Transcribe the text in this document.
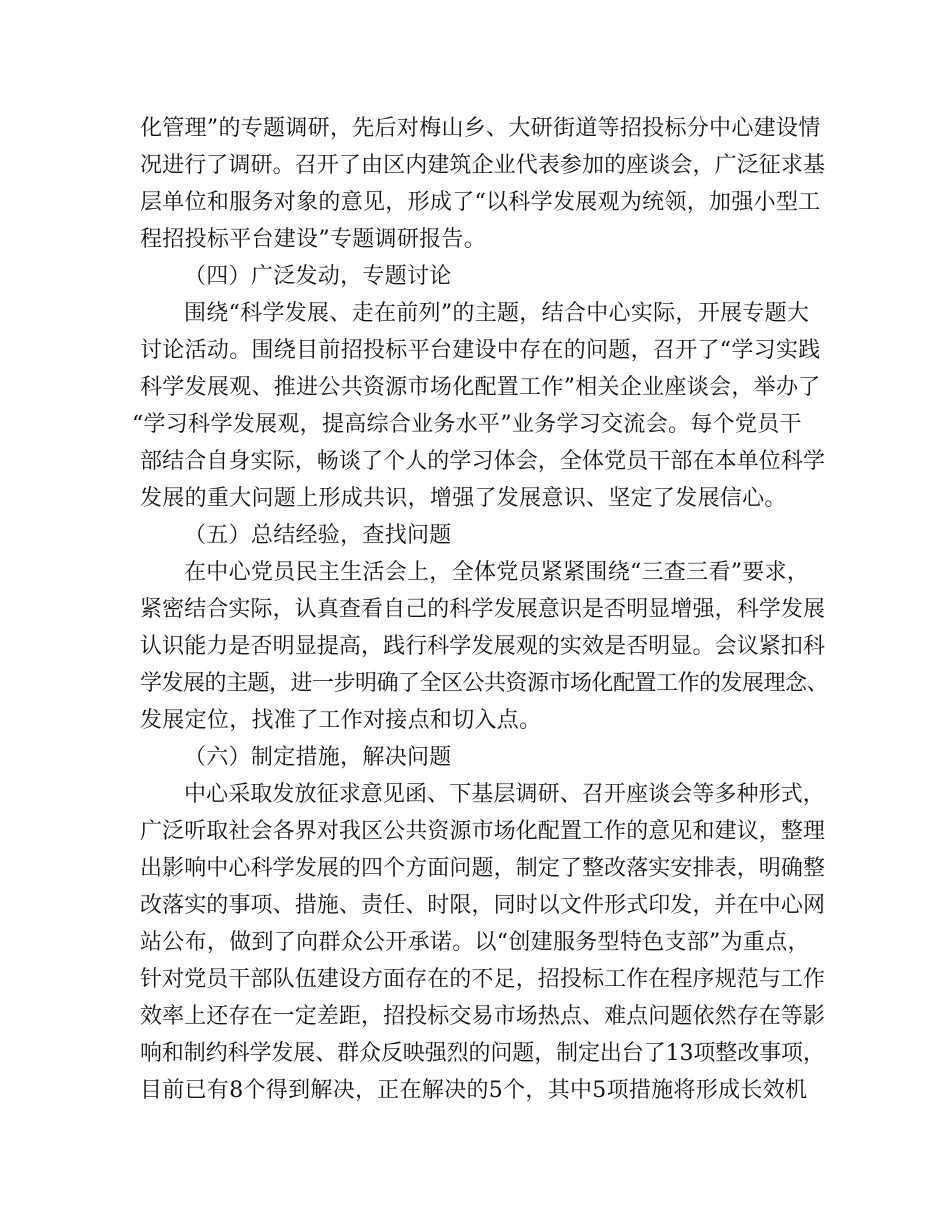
化管理”的专题调研，先后对梅山乡、大研街道等招投标分中心建设情
况进行了调研。召开了由区内建筑企业代表参加的座谈会，广泛征求基
层单位和服务对象的意见，形成了“以科学发展观为统领，加强小型工
程招投标平台建设”专题调研报告。
（四）广泛发动，专题讨论
围绕“科学发展、走在前列”的主题，结合中心实际，开展专题大
讨论活动。围绕目前招投标平台建设中存在的问题，召开了“学习实践
科学发展观、推进公共资源市场化配置工作”相关企业座谈会，举办了
“学习科学发展观，提高综合业务水平”业务学习交流会。每个党员干
部结合自身实际，畅谈了个人的学习体会，全体党员干部在本单位科学
发展的重大问题上形成共识，增强了发展意识、坚定了发展信心。
（五）总结经验，查找问题
在中心党员民主生活会上，全体党员紧紧围绕“三查三看”要求，
紧密结合实际，认真查看自己的科学发展意识是否明显增强，科学发展
认识能力是否明显提高，践行科学发展观的实效是否明显。会议紧扣科
学发展的主题，进一步明确了全区公共资源市场化配置工作的发展理念、
发展定位，找准了工作对接点和切入点。
（六）制定措施，解决问题
中心采取发放征求意见函、下基层调研、召开座谈会等多种形式，
广泛听取社会各界对我区公共资源市场化配置工作的意见和建议，整理
出影响中心科学发展的四个方面问题，制定了整改落实安排表，明确整
改落实的事项、措施、责任、时限，同时以文件形式印发，并在中心网
站公布，做到了向群众公开承诺。以“创建服务型特色支部”为重点，
针对党员干部队伍建设方面存在的不足，招投标工作在程序规范与工作
效率上还存在一定差距，招投标交易市场热点、难点问题依然存在等影
响和制约科学发展、群众反映强烈的问题，制定出台了13项整改事项，
目前已有8个得到解决，正在解决的5个，其中5项措施将形成长效机
